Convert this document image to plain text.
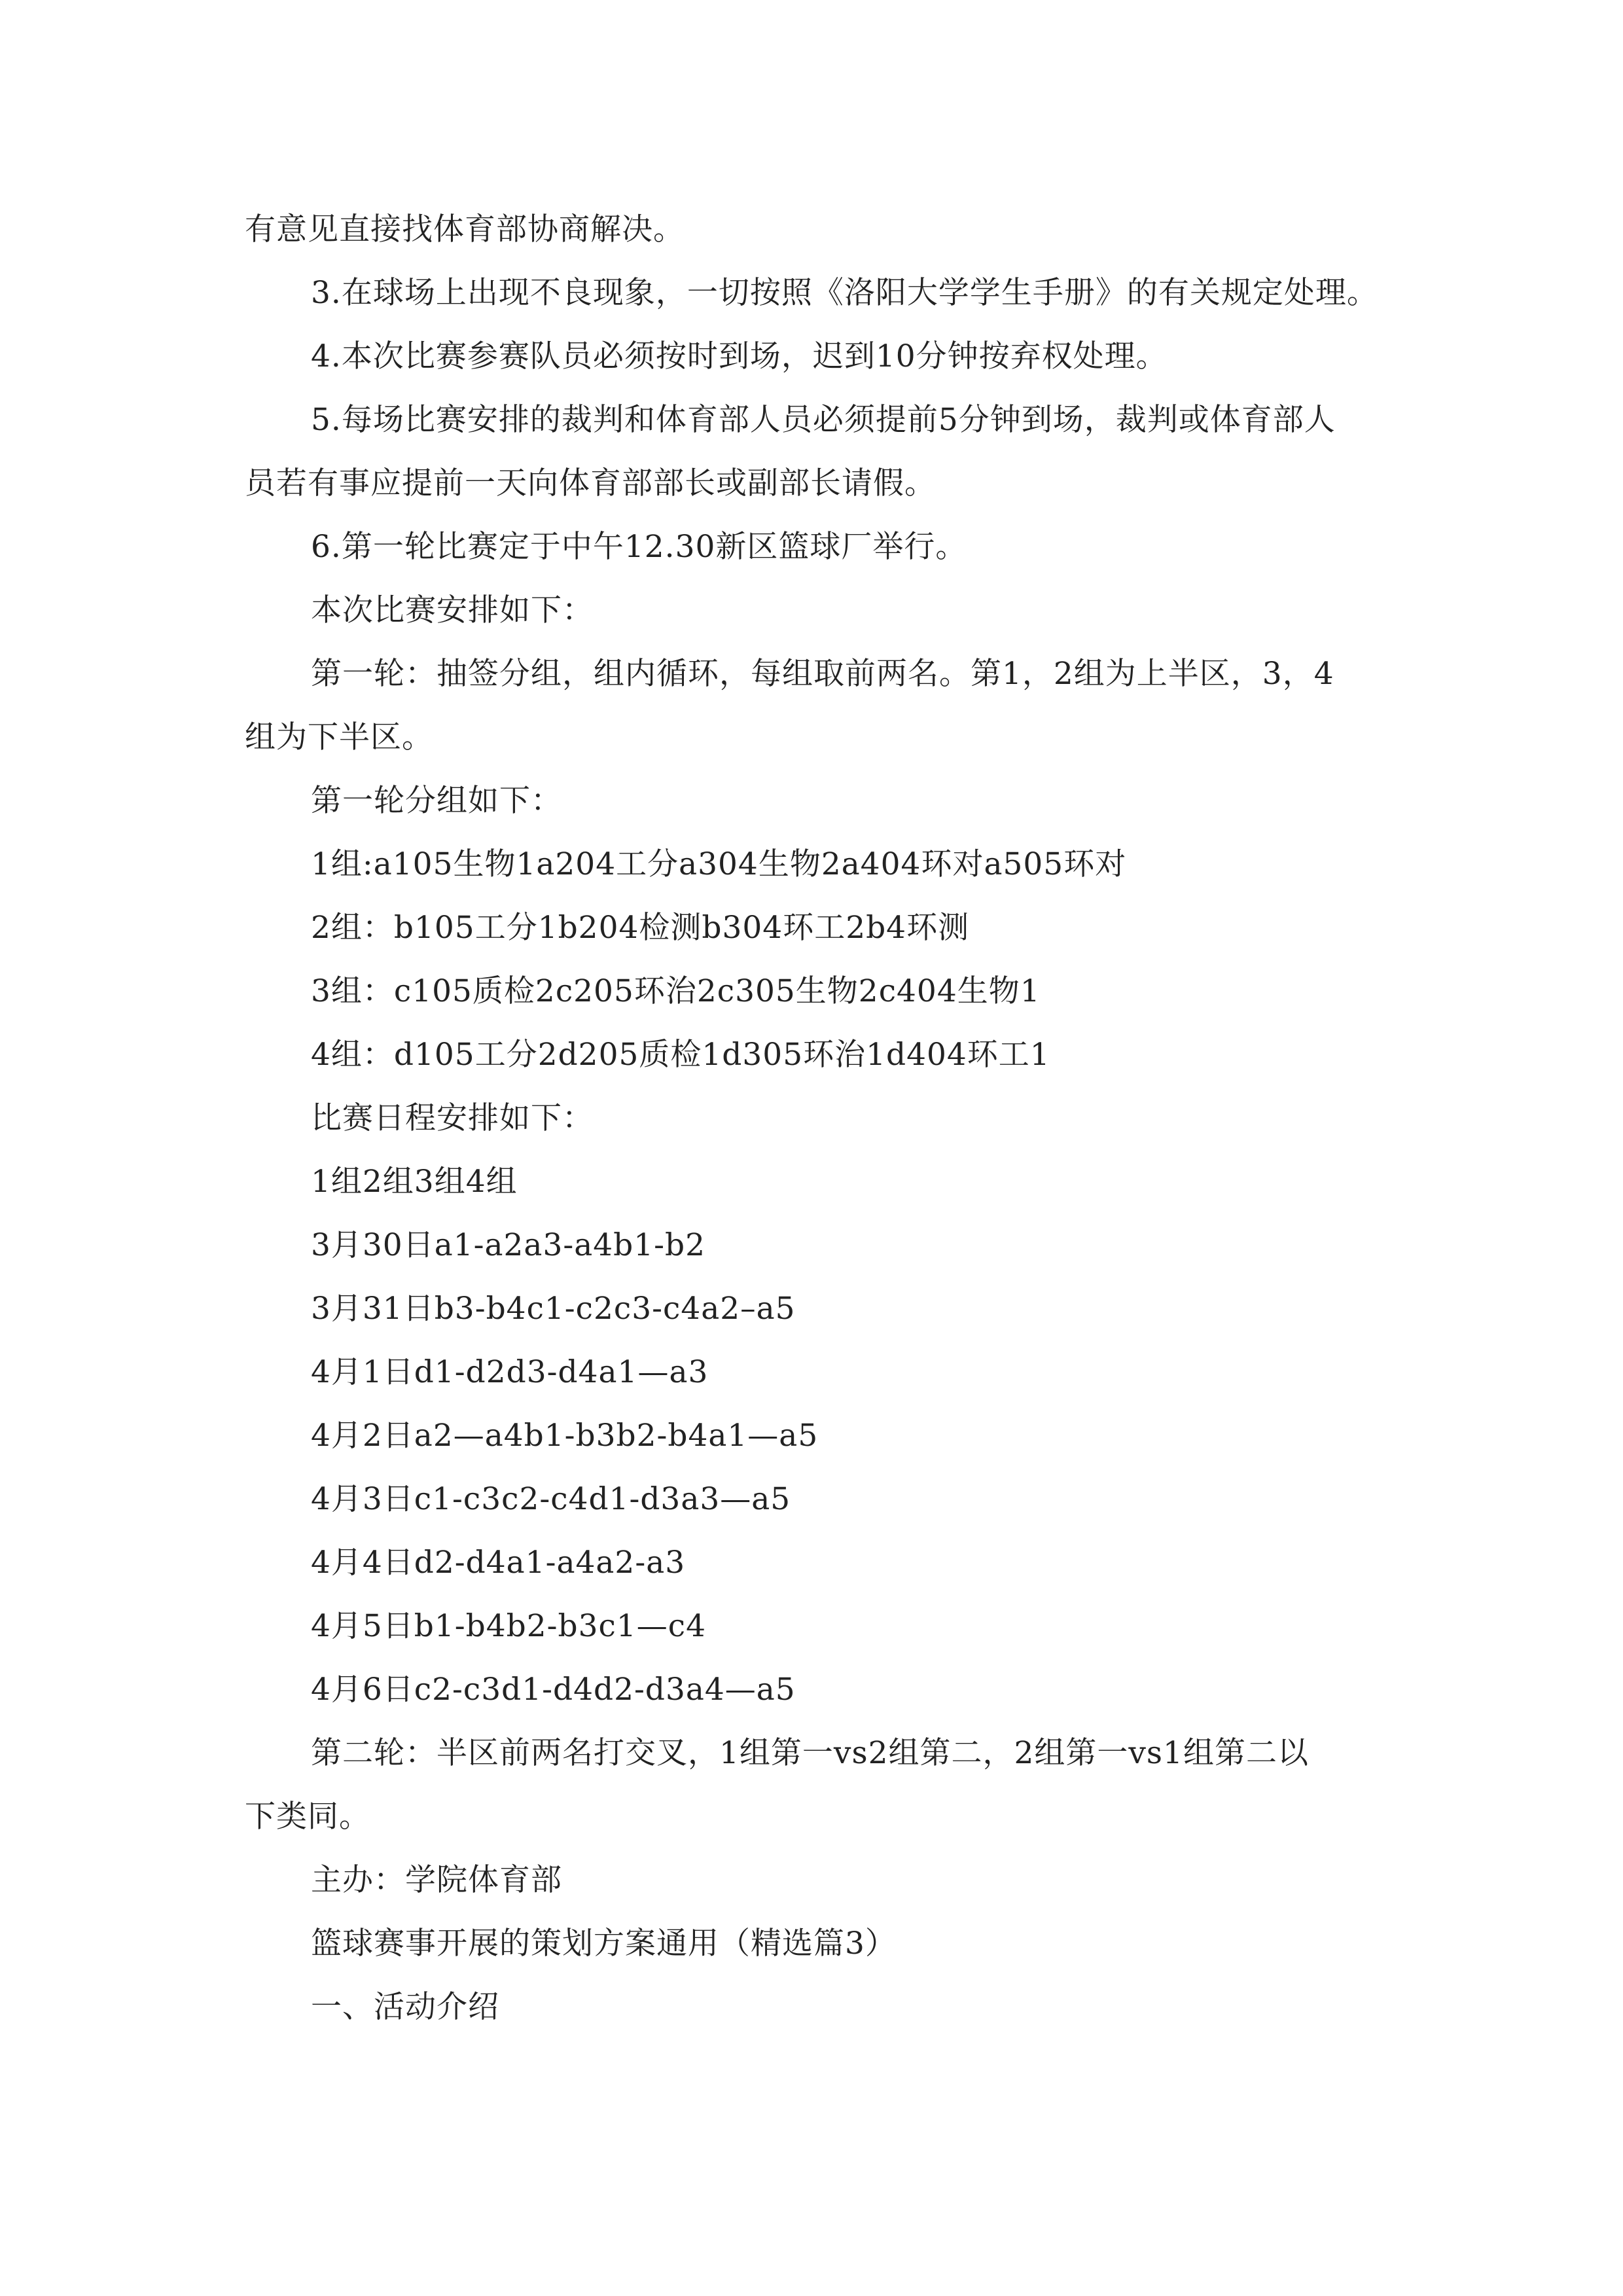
有意见直接找体育部协商解决。
3.在球场上出现不良现象，一切按照《洛阳大学学生手册》的有关规定处理。
4.本次比赛参赛队员必须按时到场，迟到10分钟按弃权处理。
5.每场比赛安排的裁判和体育部人员必须提前5分钟到场，裁判或体育部人
员若有事应提前一天向体育部部长或副部长请假。
6.第一轮比赛定于中午12.30新区篮球厂举行。
本次比赛安排如下：
第一轮：抽签分组，组内循环，每组取前两名。第1，2组为上半区，3，4
组为下半区。
第一轮分组如下：
1组:a105生物1a204工分a304生物2a404环对a505环对
2组：b105工分1b204检测b304环工2b4环测
3组：c105质检2c205环治2c305生物2c404生物1
4组：d105工分2d205质检1d305环治1d404环工1
比赛日程安排如下：
1组2组3组4组
3月30日a1-a2a3-a4b1-b2
3月31日b3-b4c1-c2c3-c4a2–a5
4月1日d1-d2d3-d4a1—a3
4月2日a2—a4b1-b3b2-b4a1—a5
4月3日c1-c3c2-c4d1-d3a3—a5
4月4日d2-d4a1-a4a2-a3
4月5日b1-b4b2-b3c1—c4
4月6日c2-c3d1-d4d2-d3a4—a5
第二轮：半区前两名打交叉，1组第一vs2组第二，2组第一vs1组第二以
下类同。
主办：学院体育部
篮球赛事开展的策划方案通用（精选篇3）
一、活动介绍
